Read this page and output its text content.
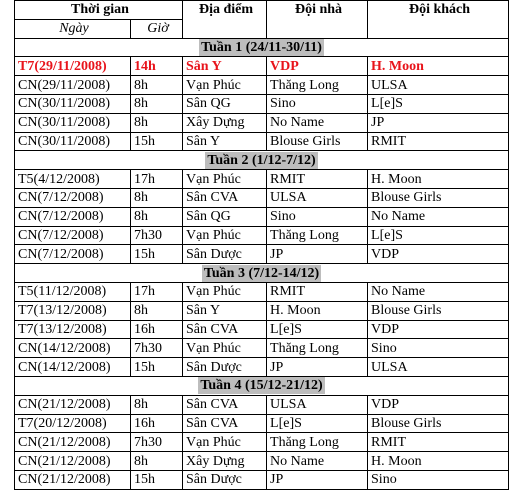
Thời gian		Địa điểm	Đội nhà	Đội khách
Ngày	Giờ			
Tuần 1 (24/11-30/11)				
T7(29/11/2008)	14h	Sân Y	VDP	H. Moon
CN(29/11/2008)	8h	Vạn Phúc	Thăng Long	ULSA
CN(30/11/2008)	8h	Sân QG	Sino	L[e]S
CN(30/11/2008)	8h	Xây Dựng	No Name	JP
CN(30/11/2008)	15h	Sân Y	Blouse Girls	RMIT
Tuần 2 (1/12-7/12)				
T5(4/12/2008)	17h	Vạn Phúc	RMIT	H. Moon
CN(7/12/2008)	8h	Sân CVA	ULSA	Blouse Girls
CN(7/12/2008)	8h	Sân QG	Sino	No Name
CN(7/12/2008)	7h30	Vạn Phúc	Thăng Long	L[e]S
CN(7/12/2008)	15h	Sân Dược	JP	VDP
Tuần 3 (7/12-14/12)				
T5(11/12/2008)	17h	Vạn Phúc	RMIT	No Name
T7(13/12/2008)	8h	Sân Y	H. Moon	Blouse Girls
T7(13/12/2008)	16h	Sân CVA	L[e]S	VDP
CN(14/12/2008)	7h30	Vạn Phúc	Thăng Long	Sino
CN(14/12/2008)	15h	Sân Dược	JP	ULSA
Tuần 4 (15/12-21/12)				
CN(21/12/2008)	8h	Sân CVA	ULSA	VDP
T7(20/12/2008)	16h	Sân CVA	L[e]S	Blouse Girls
CN(21/12/2008)	7h30	Vạn Phúc	Thăng Long	RMIT
CN(21/12/2008)	8h	Xây Dựng	No Name	H. Moon
CN(21/12/2008)	15h	Sân Dược	JP	Sino
